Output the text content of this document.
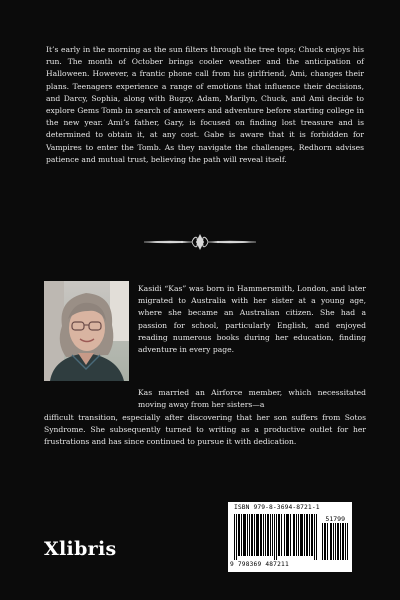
It’s early in the morning as the sun filters through the tree tops; Chuck enjoys his run. The month of October brings cooler weather and the anticipation of Halloween. However, a frantic phone call from his girlfriend, Ami, changes their plans. Teenagers experience a range of emotions that influence their decisions, and Darcy, Sophia, along with Bugzy, Adam, Marilyn, Chuck, and Ami decide to explore Gems Tomb in search of answers and adventure before starting college in the new year. Ami’s father, Gary, is focused on finding lost treasure and is determined to obtain it, at any cost. Gabe is aware that it is forbidden for Vampires to enter the Tomb. As they navigate the challenges, Redhorn advises patience and mutual trust, believing the path will reveal itself.

Kasidi “Kas” was born in Hammersmith, London, and later migrated to Australia with her sister at a young age, where she became an Australian citizen. She had a passion for school, particularly English, and enjoyed reading numerous books during her education, finding adventure in every page.

Kas married an Airforce member, which necessitated moving away from her sisters—a

difficult transition, especially after discovering that her son suffers from Sotos Syndrome. She subsequently turned to writing as a productive outlet for her frustrations and has since continued to pursue it with dedication.

Xlibris
ISBN 979-8-3694-8721-1
51799
9 798369 487211
